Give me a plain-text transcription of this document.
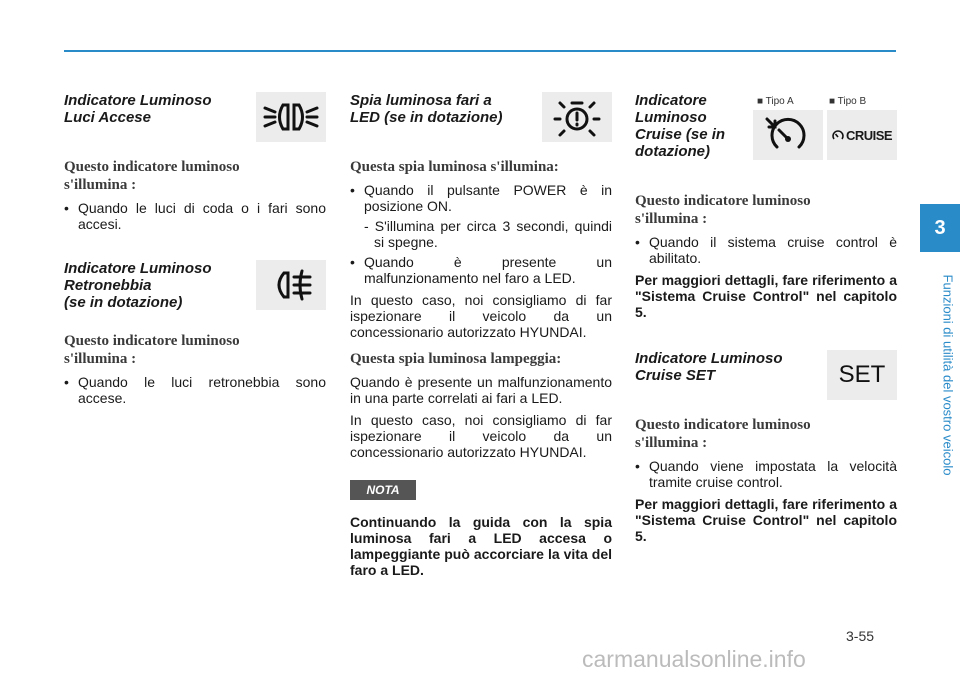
Indicatore Luminoso
Luci Accese

Questo indicatore luminoso
s'illumina :

• Quando le luci di coda o i fari sono accesi.

Indicatore Luminoso
Retronebbia
(se in dotazione)

Questo indicatore luminoso
s'illumina :

• Quando le luci retronebbia sono accese.

Spia luminosa fari a
LED (se in dotazione)

Questa spia luminosa s'illumina:

• Quando il pulsante POWER è in posizione ON.
- S'illumina per circa 3 secondi, quindi si spegne.
• Quando è presente un malfunzionamento nel faro a LED.

In questo caso, noi consigliamo di far ispezionare il veicolo da un concessionario autorizzato HYUNDAI.

Questa spia luminosa lampeggia:

Quando è presente un malfunzionamento in una parte correlati ai fari a LED.

In questo caso, noi consigliamo di far ispezionare il veicolo da un concessionario autorizzato HYUNDAI.

NOTA

Continuando la guida con la spia luminosa fari a LED accesa o lampeggiante può accorciare la vita del faro a LED.

Indicatore
Luminoso
Cruise (se in
dotazione)

■ Tipo A	■ Tipo B
CRUISE

Questo indicatore luminoso
s'illumina :

• Quando il sistema cruise control è abilitato.

Per maggiori dettagli, fare riferimento a "Sistema Cruise Control" nel capitolo 5.

Indicatore Luminoso
Cruise SET	SET

Questo indicatore luminoso
s'illumina :

• Quando viene impostata la velocità tramite cruise control.

Per maggiori dettagli, fare riferimento a "Sistema Cruise Control" nel capitolo 5.

3
Funzioni di utilità del vostro veicolo
3-55
carmanualsonline.info
